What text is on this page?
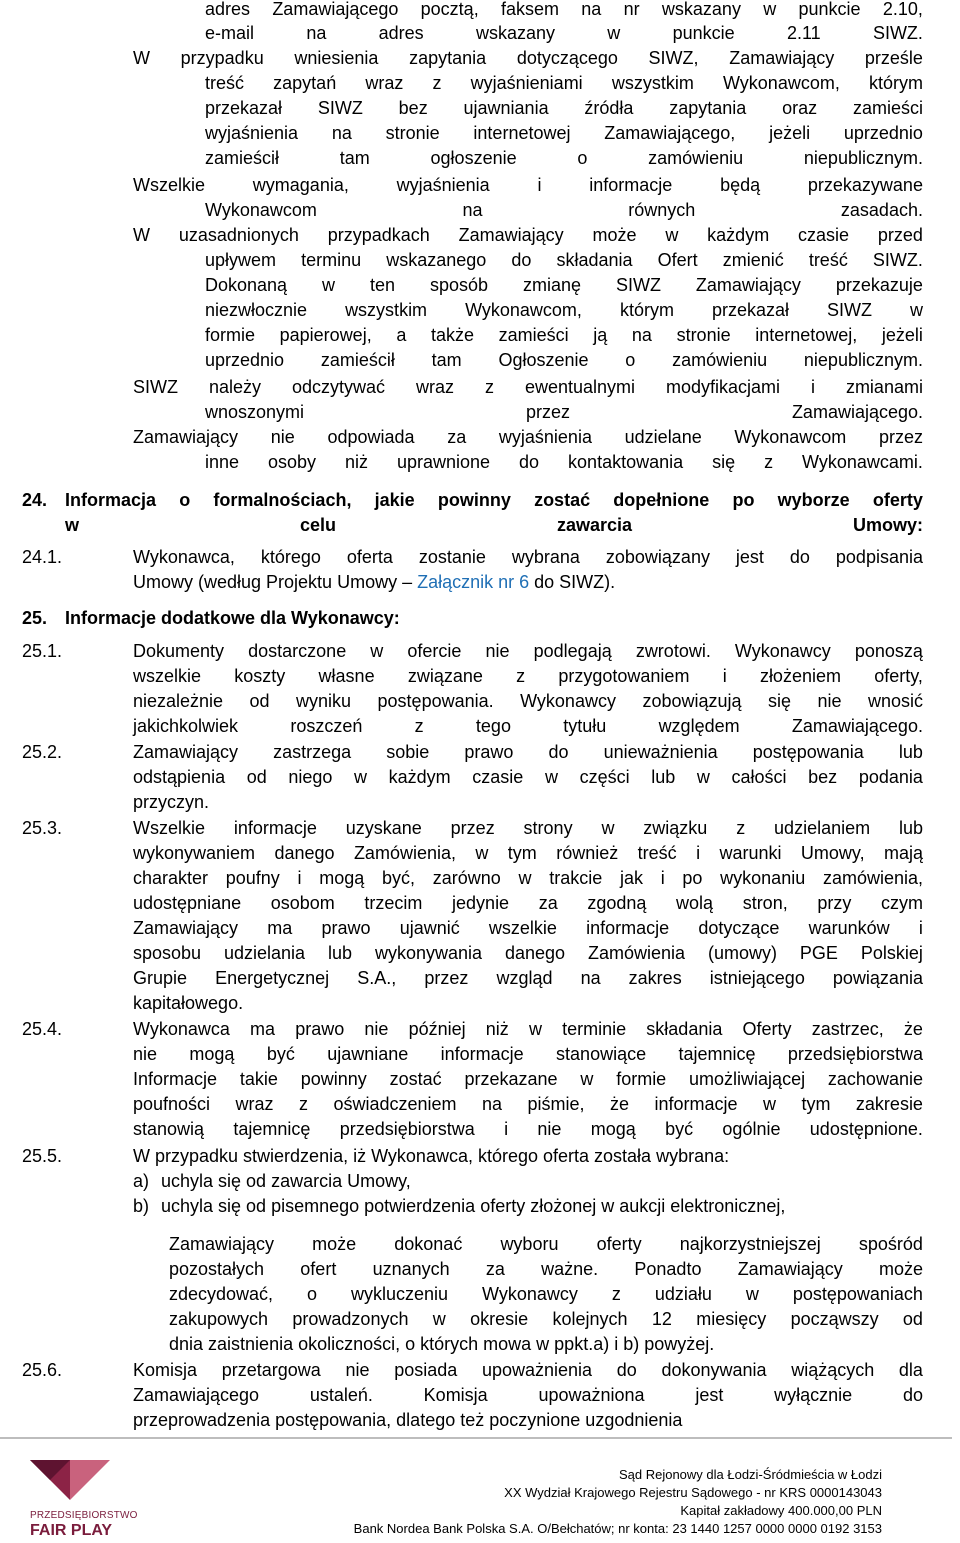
adres Zamawiającego pocztą, faksem na nr wskazany w punkcie 2.10,
e-mail	na	adres	wskazany	w	punkcie	2.11	SIWZ.
W przypadku wniesienia zapytania dotyczącego SIWZ, Zamawiający prześle
treść zapytań wraz z wyjaśnieniami wszystkim Wykonawcom, którym
przekazał SIWZ bez ujawniania źródła zapytania oraz zamieści
wyjaśnienia na stronie internetowej Zamawiającego, jeżeli uprzednio
zamieścił	tam	ogłoszenie	o	zamówieniu	niepublicznym.
Wszelkie	wymagania,	wyjaśnienia	i	informacje	będą	przekazywane
Wykonawcom	na	równych	zasadach.
W uzasadnionych przypadkach Zamawiający może w każdym czasie przed
upływem terminu wskazanego do składania Ofert zmienić treść SIWZ.
Dokonaną w ten sposób zmianę SIWZ Zamawiający przekazuje
niezwłocznie wszystkim Wykonawcom, którym przekazał SIWZ w
formie papierowej, a także zamieści ją na stronie internetowej, jeżeli
uprzednio zamieścił tam Ogłoszenie o zamówieniu niepublicznym.
SIWZ należy odczytywać wraz z ewentualnymi modyfikacjami i zmianami
wnoszonymi	przez	Zamawiającego.
Zamawiający nie odpowiada za wyjaśnienia udzielane Wykonawcom przez
inne osoby niż uprawnione do kontaktowania się z Wykonawcami.
24. Informacja o formalnościach, jakie powinny zostać dopełnione po wyborze oferty
w	celu	zawarcia	Umowy:
24.1.	Wykonawca, którego oferta zostanie wybrana zobowiązany jest do podpisania
Umowy (według Projektu Umowy – Załącznik nr 6 do SIWZ).
25. Informacje dodatkowe dla Wykonawcy:
25.1.	Dokumenty dostarczone w ofercie nie podlegają zwrotowi. Wykonawcy ponoszą
wszelkie koszty własne związane z przygotowaniem i złożeniem oferty,
niezależnie od wyniku postępowania. Wykonawcy zobowiązują się nie wnosić
jakichkolwiek	roszczeń	z	tego	tytułu	względem	Zamawiającego.
25.2.	Zamawiający zastrzega sobie prawo do unieważnienia postępowania lub
odstąpienia od niego w każdym czasie w części lub w całości bez podania
przyczyn.
25.3.	Wszelkie informacje uzyskane przez strony w związku z udzielaniem lub
wykonywaniem danego Zamówienia, w tym również treść i warunki Umowy, mają
charakter poufny i mogą być, zarówno w trakcie jak i po wykonaniu zamówienia,
udostępniane osobom trzecim jedynie za zgodną wolą stron, przy czym
Zamawiający ma prawo ujawnić wszelkie informacje dotyczące warunków i
sposobu udzielania lub wykonywania danego Zamówienia (umowy) PGE Polskiej
Grupie Energetycznej S.A., przez wzgląd na zakres istniejącego powiązania
kapitałowego.
25.4.	Wykonawca ma prawo nie później niż w terminie składania Oferty zastrzec, że
nie mogą być ujawniane informacje stanowiące tajemnicę przedsiębiorstwa
Informacje takie powinny zostać przekazane w formie umożliwiającej zachowanie
poufności wraz z oświadczeniem na piśmie, że informacje w tym zakresie
stanowią tajemnicę przedsiębiorstwa i nie mogą być ogólnie udostępnione.
25.5.	W przypadku stwierdzenia, iż Wykonawca, którego oferta została wybrana:
a) uchyla się od zawarcia Umowy,
b) uchyla się od pisemnego potwierdzenia oferty złożonej w aukcji elektronicznej,
Zamawiający może dokonać wyboru oferty najkorzystniejszej spośród
pozostałych ofert uznanych za ważne. Ponadto Zamawiający może
zdecydować, o wykluczeniu Wykonawcy z udziału w postępowaniach
zakupowych prowadzonych w okresie kolejnych 12 miesięcy począwszy od
dnia zaistnienia okoliczności, o których mowa w ppkt.a) i b) powyżej.
25.6.	Komisja przetargowa nie posiada upoważnienia do dokonywania wiążących dla
Zamawiającego	ustaleń.	Komisja	upoważniona	jest	wyłącznie	do
przeprowadzenia postępowania, dlatego też poczynione uzgodnienia
PRZEDSIĘBIORSTWO
FAIR PLAY
Sąd Rejonowy dla Łodzi-Śródmieścia w Łodzi
XX Wydział Krajowego Rejestru Sądowego - nr KRS 0000143043
Kapitał zakładowy 400.000,00 PLN
Bank Nordea Bank Polska S.A. O/Bełchatów; nr konta: 23 1440 1257 0000 0000 0192 3153
